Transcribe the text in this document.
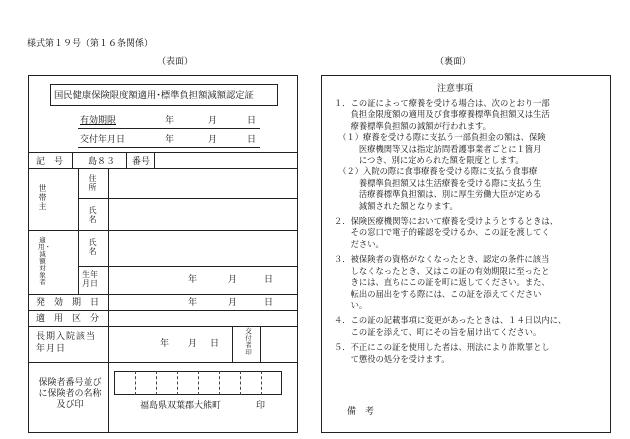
様式第１９号（第１６条関係）
（表面）	（裏面）
国民健康保険限度額適用･標準負担額減額認定証
有効期限	年	月	日
交付年月日	年	月	日
記　号	島８３ 番号
世帯主
住所
氏名
適用・減額対象者
氏名
生年月日	年	月	日
発　効　期　日	年	月	日
適　用　区　分
長期入院該当年月日	年 月 日
交付者印
保険者番号並びに保険者の名称及び印	福島県双葉郡大熊町	印
注意事項

１．この証によって療養を受ける場合は、次のとおり一部

　　負担金限度額の適用及び食事療養標準負担額又は生活

　　療養標準負担額の減額が行われます。

　（１）療養を受ける際に支払う一部負担金の額は、保険

　　　医療機関等又は指定訪問看護事業者ごとに１箇月

　　　につき、別に定められた額を限度とします。

　（２）入院の際に食事療養を受ける際に支払う食事療

　　　養標準負担額又は生活療養を受ける際に支払う生

　　　活療養標準負担額は、別に厚生労働大臣が定める

　　　減額された額となります。

２．保険医療機関等において療養を受けようとするときは、

　　その窓口で電子的確認を受けるか、この証を渡してく

　　ださい。

３．被保険者の資格がなくなったとき、認定の条件に該当

　　しなくなったとき、又はこの証の有効期限に至ったと

　　きには、直ちにこの証を町に返してください。また、

　　転出の届出をする際には、この証を添えてください

　　い。

４．この証の記載事項に変更があったときは、１４日以内に、

　　この証を添えて、町にその旨を届け出てください。

５．不正にこの証を使用した者は、刑法により詐欺罪とし

　　て懲役の処分を受けます。

備　考
